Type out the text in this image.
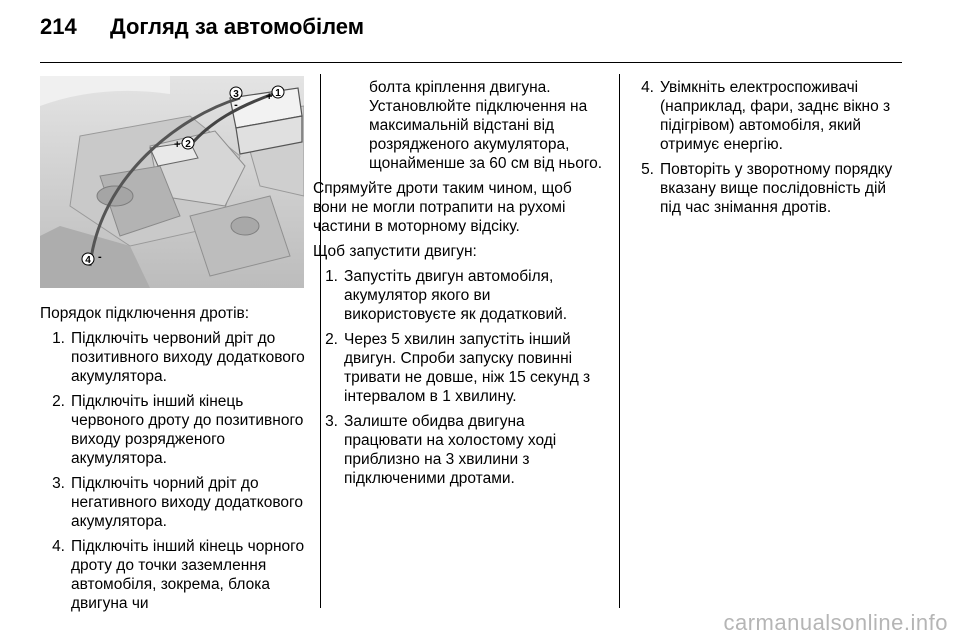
214 Догляд за автомобілем
1
+
2
+
3
-
4 -

Порядок підключення дротів:

1. Підключіть червоний дріт до позитивного виходу додаткового акумулятора.
2. Підключіть інший кінець червоного дроту до позитивного виходу розрядженого акумулятора.
3. Підключіть чорний дріт до негативного виходу додаткового акумулятора.
4. Підключіть інший кінець чорного дроту до точки заземлення автомобіля, зокрема, блока двигуна чи

болта кріплення двигуна. Установлюйте підключення на максимальній відстані від розрядженого акумулятора, щонайменше за 60 см від нього.

Спрямуйте дроти таким чином, щоб вони не могли потрапити на рухомі частини в моторному відсіку.

Щоб запустити двигун:

1. Запустіть двигун автомобіля, акумулятор якого ви використовуєте як додатковий.
2. Через 5 хвилин запустіть інший двигун. Спроби запуску повинні тривати не довше, ніж 15 секунд з інтервалом в 1 хвилину.
3. Залиште обидва двигуна працювати на холостому ході приблизно на 3 хвилини з підключеними дротами.
4. Увімкніть електроспоживачі (наприклад, фари, заднє вікно з підігрівом) автомобіля, який отримує енергію.
5. Повторіть у зворотному порядку вказану вище послідовність дій під час знімання дротів.
carmanualsonline.info
